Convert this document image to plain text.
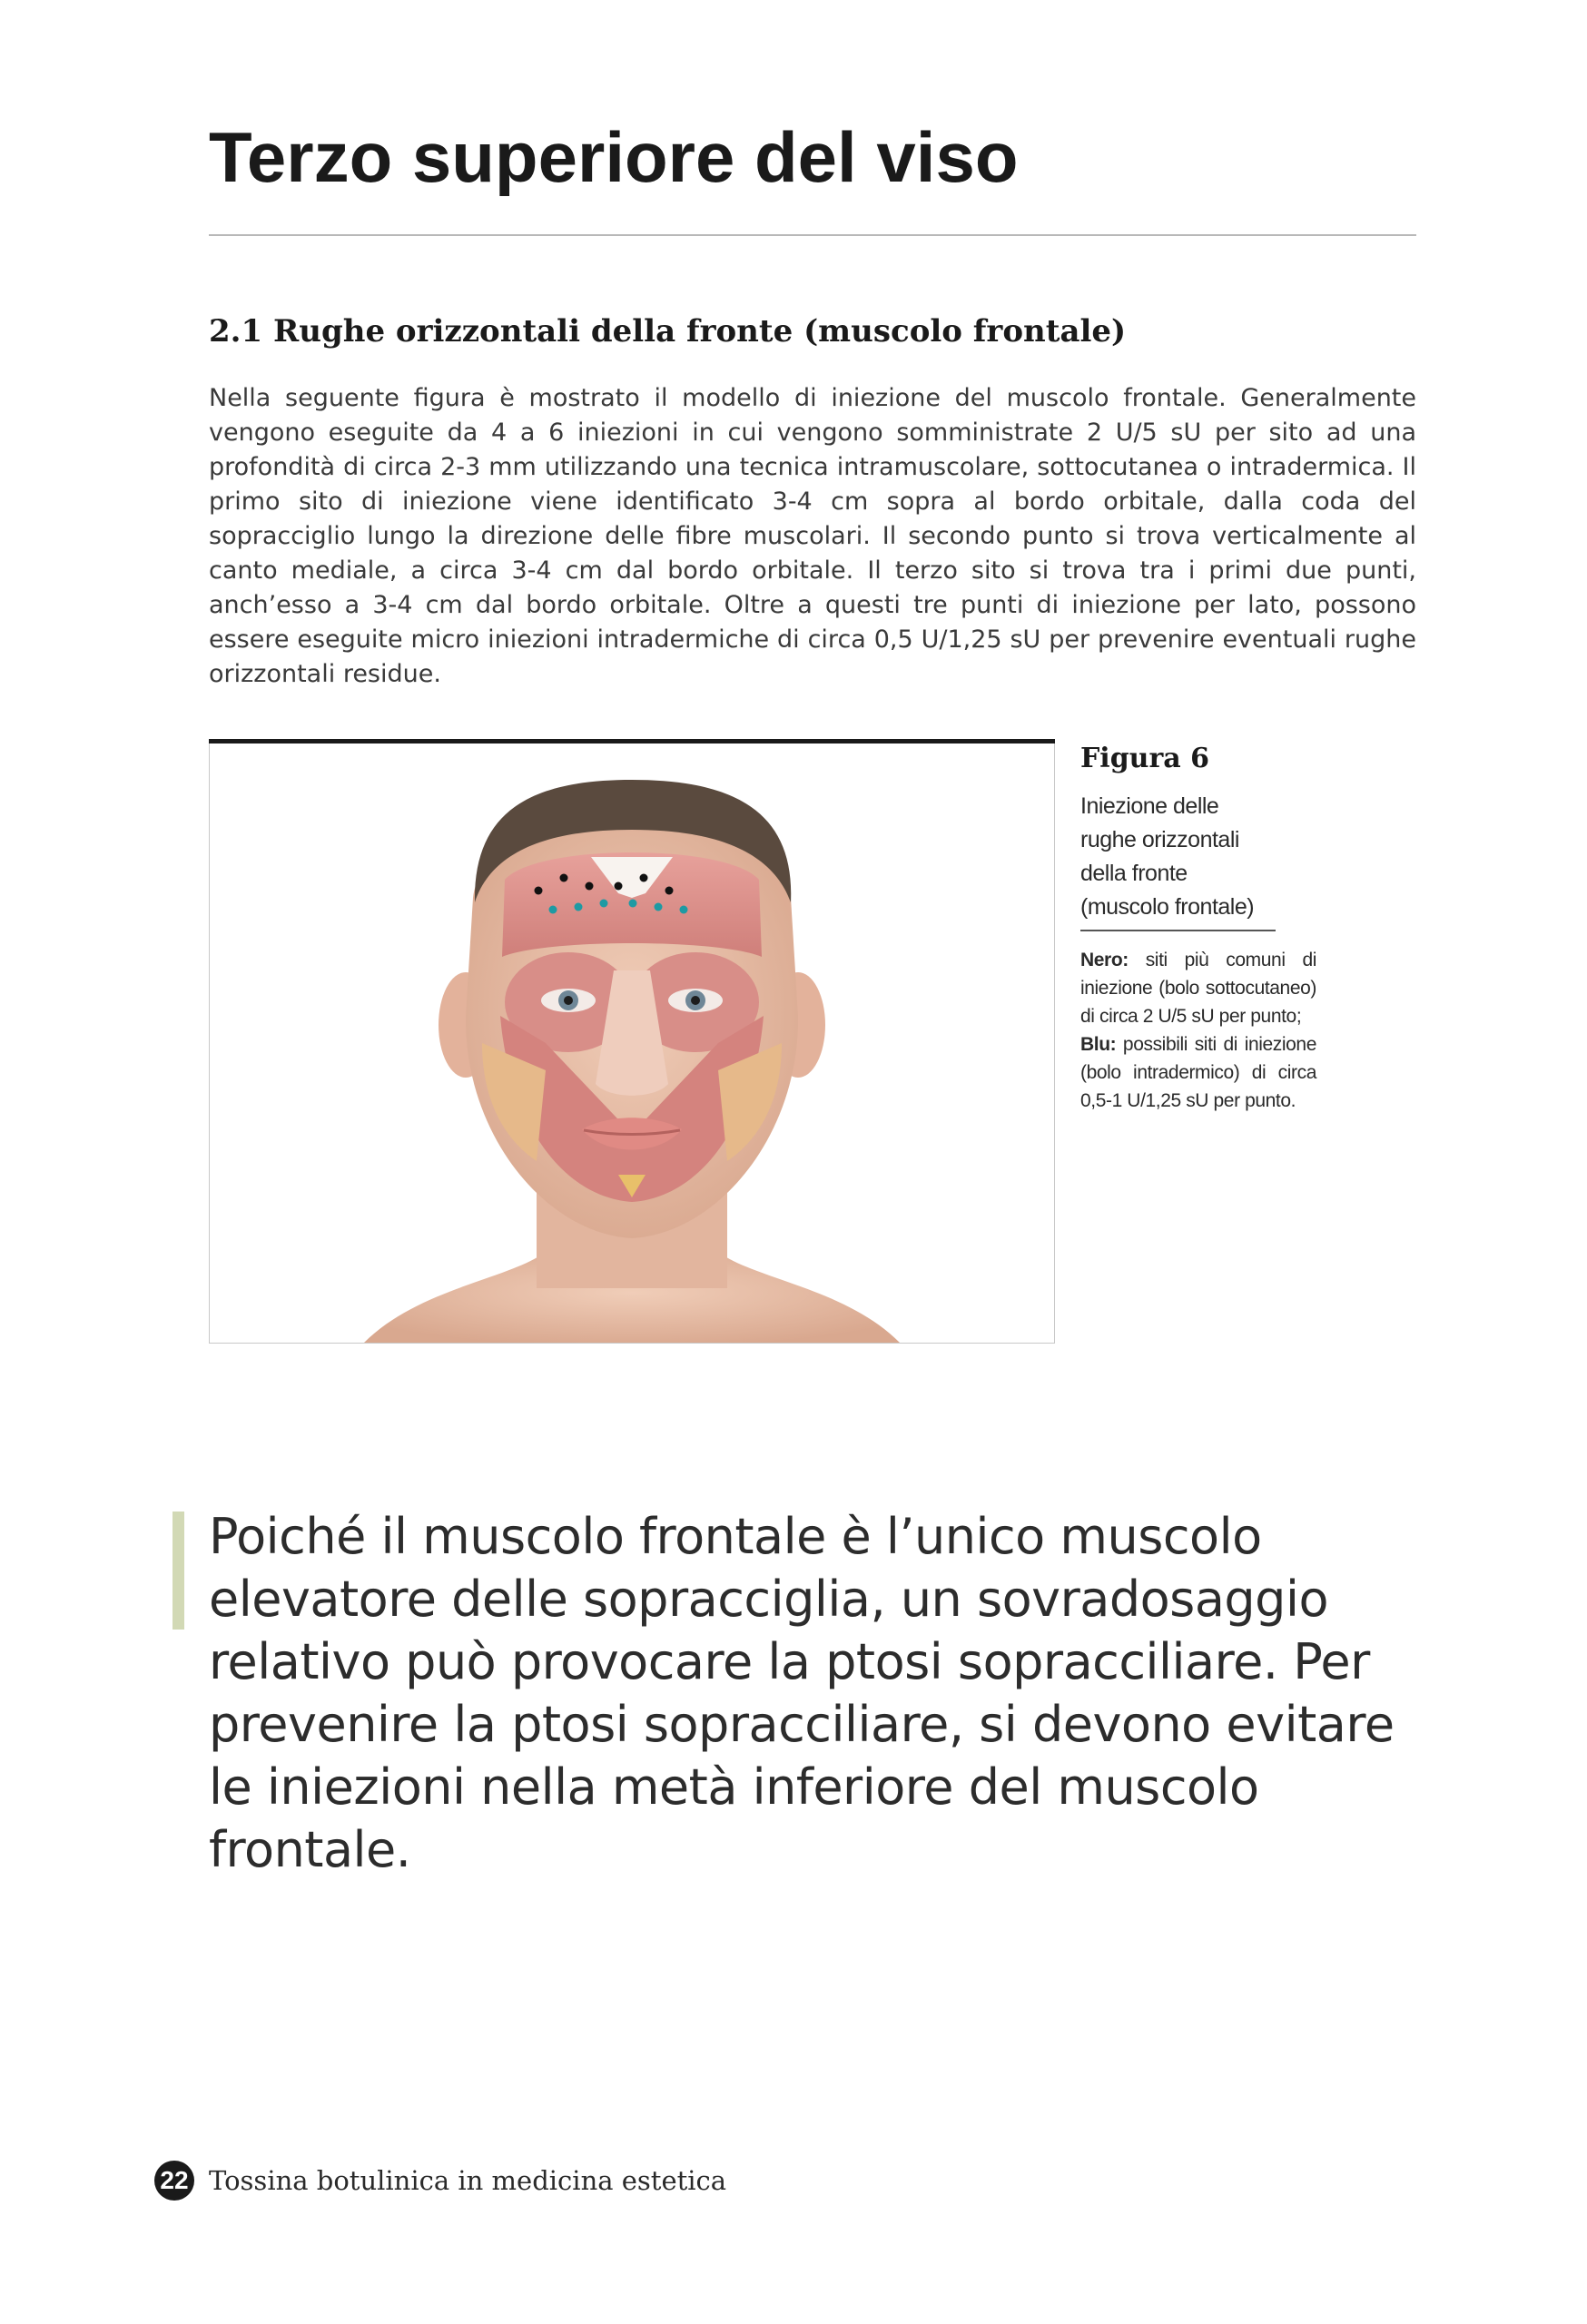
Terzo superiore del viso
2.1 Rughe orizzontali della fronte (muscolo frontale)

Nella seguente figura è mostrato il modello di iniezione del muscolo frontale. Generalmente vengono eseguite da 4 a 6 iniezioni in cui vengono somministrate 2 U/5 sU per sito ad una profondità di circa 2-3 mm utilizzando una tecnica intramuscolare, sottocutanea o intradermica. Il primo sito di iniezione viene identificato 3-4 cm sopra al bordo orbitale, dalla coda del sopracciglio lungo la direzione delle fibre muscolari. Il secondo punto si trova verticalmente al canto mediale, a circa 3-4 cm dal bordo orbitale. Il terzo sito si trova tra i primi due punti, anch’esso a 3-4 cm dal bordo orbitale. Oltre a questi tre punti di iniezione per lato, possono essere eseguite micro iniezioni intradermiche di circa 0,5 U/1,25 sU per prevenire eventuali rughe orizzontali residue.

Figura 6

Iniezione delle rughe orizzontali della fronte (muscolo frontale)

Nero: siti più comuni di iniezione (bolo sottocutaneo) di circa 2 U/5 sU per punto;
Blu: possibili siti di iniezione (bolo intradermico) di circa 0,5-1 U/1,25 sU per punto.

Poiché il muscolo frontale è l’unico muscolo elevatore delle sopracciglia, un sovradosaggio relativo può provocare la ptosi sopracciliare. Per prevenire la ptosi sopracciliare, si devono evitare le iniezioni nella metà inferiore del muscolo frontale.

22 Tossina botulinica in medicina estetica
